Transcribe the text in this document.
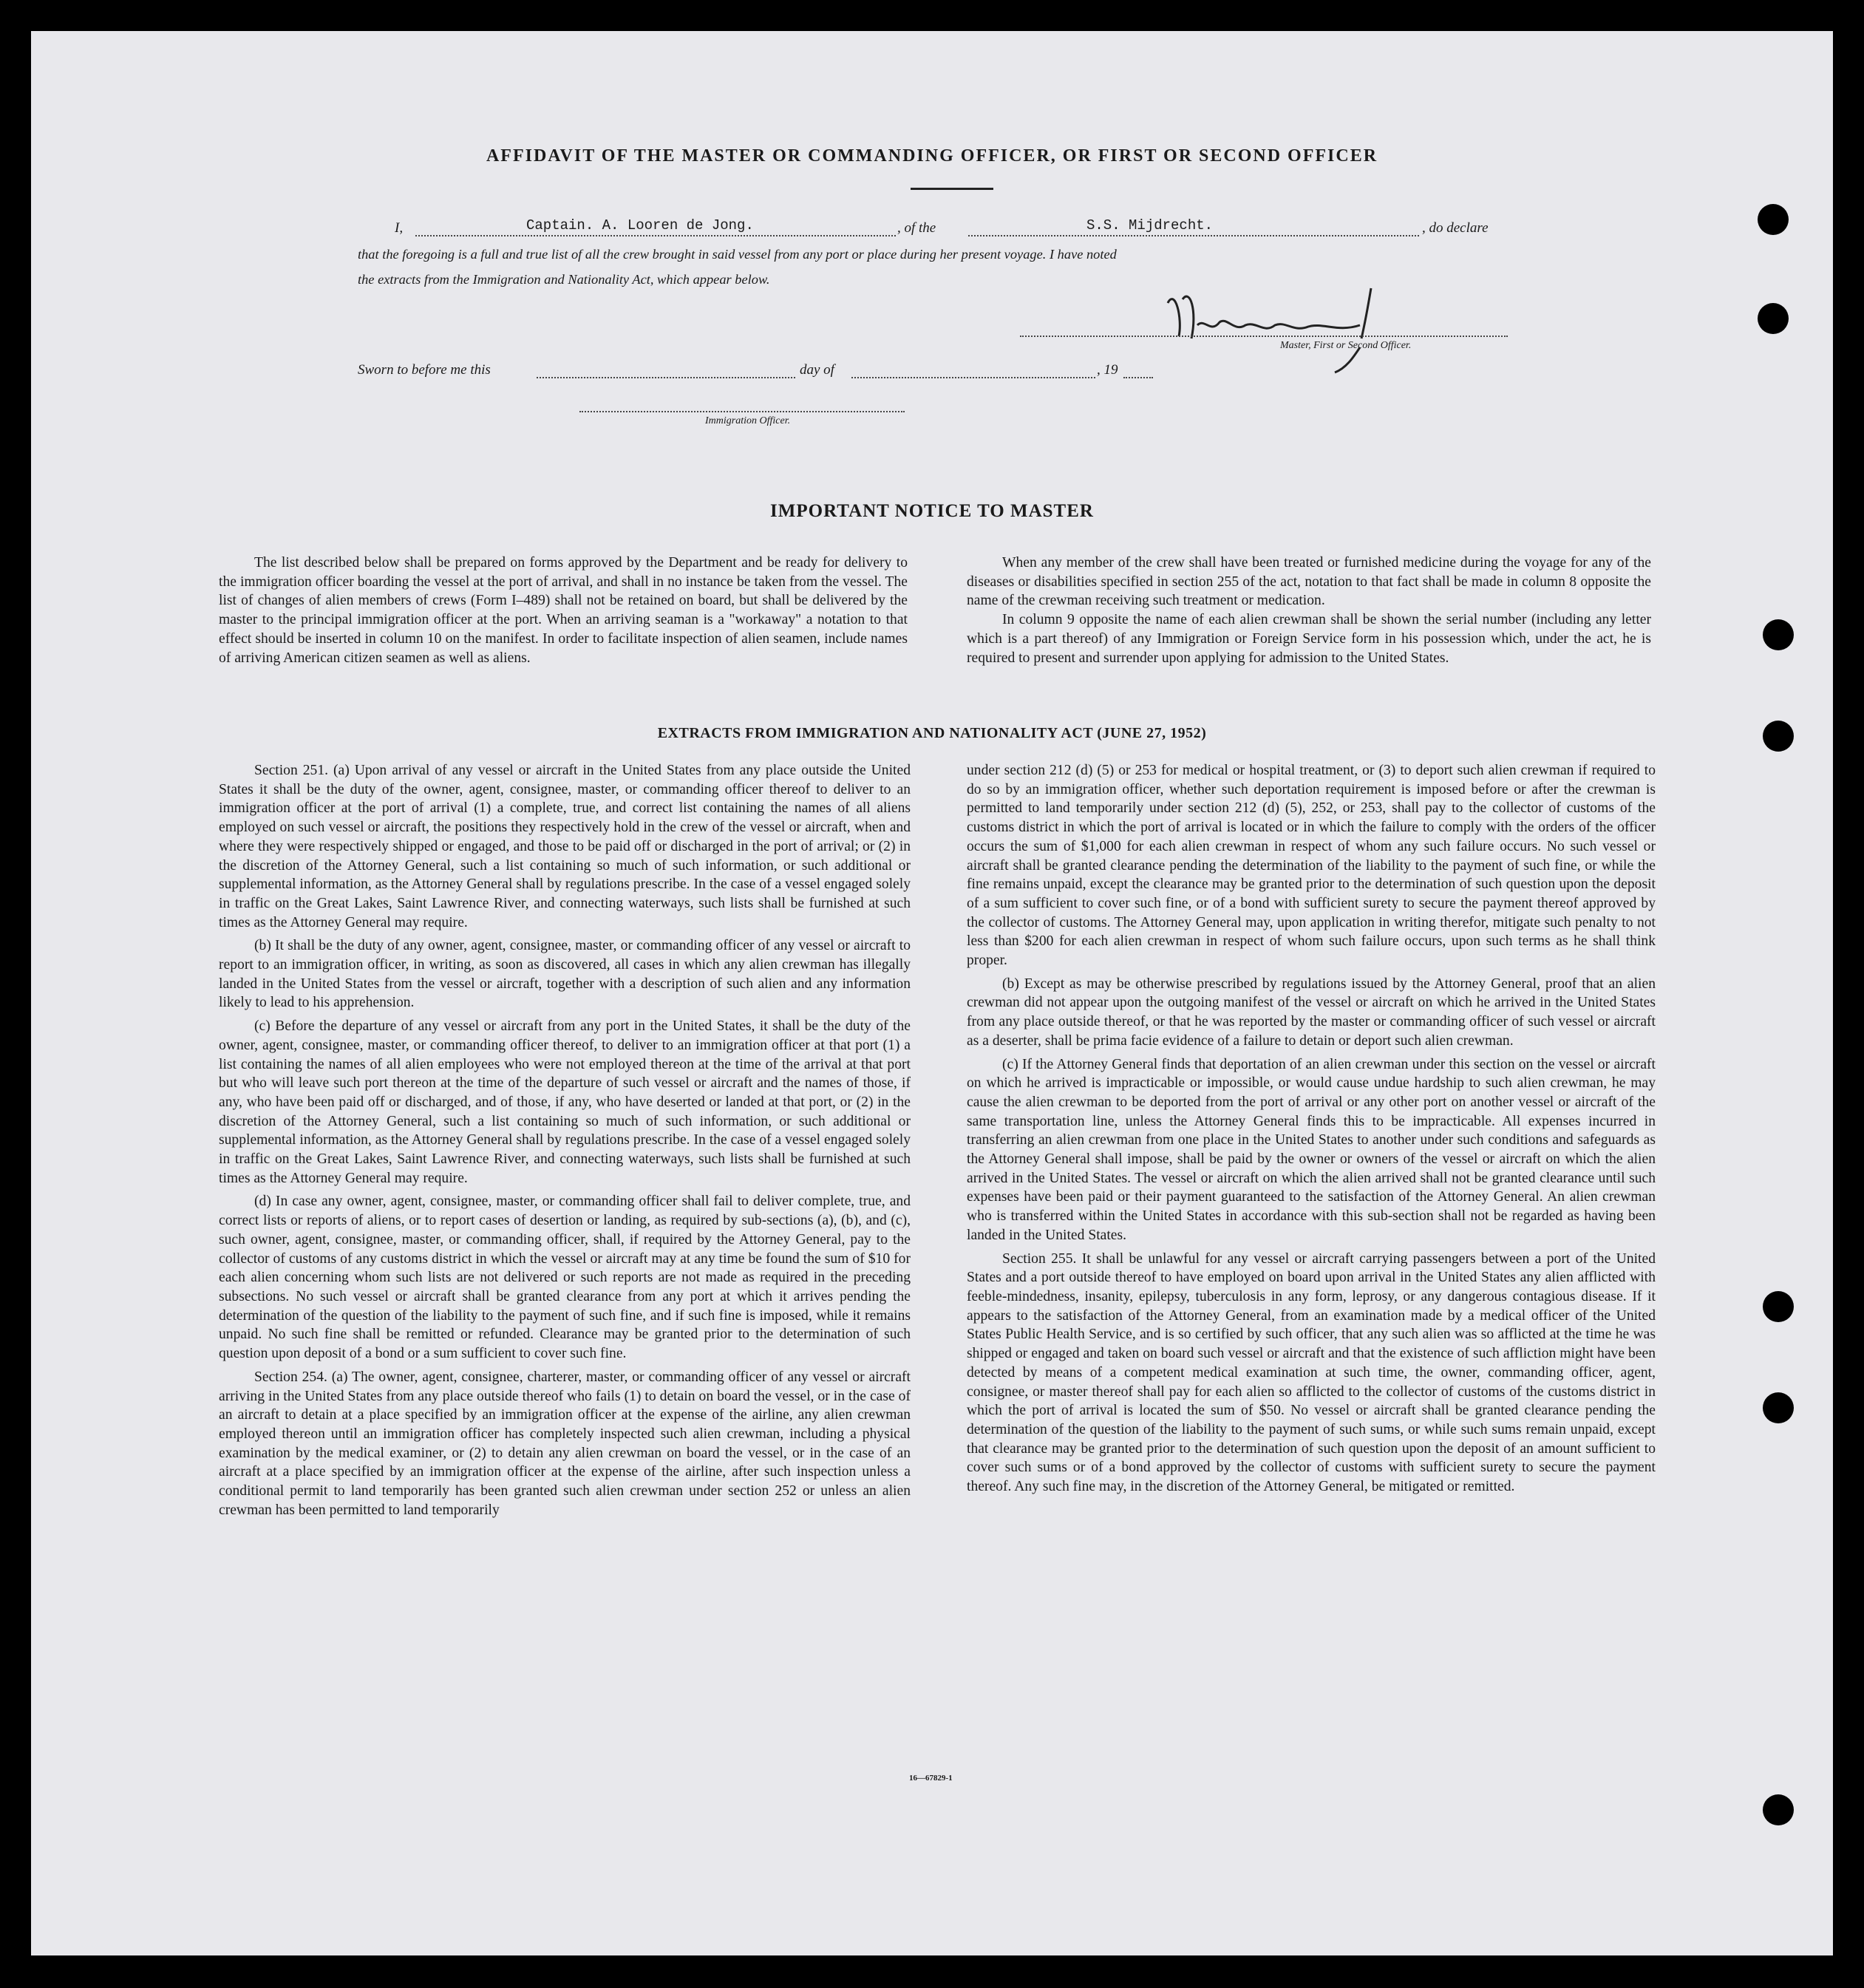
AFFIDAVIT OF THE MASTER OR COMMANDING OFFICER, OR FIRST OR SECOND OFFICER
I,	Captain. A. Looren de Jong.	, of the	S.S. Mijdrecht.	, do declare
that the foregoing is a full and true list of all the crew brought in said vessel from any port or place during her present voyage. I have noted
the extracts from the Immigration and Nationality Act, which appear below.
Master, First or Second Officer.
Sworn to before me this	day of	, 19
Immigration Officer.
IMPORTANT NOTICE TO MASTER

The list described below shall be prepared on forms approved by the Department and be ready for delivery to the immigration officer boarding the vessel at the port of arrival, and shall in no instance be taken from the vessel. The list of changes of alien members of crews (Form I–489) shall not be retained on board, but shall be delivered by the master to the principal immigration officer at the port. When an arriving seaman is a "workaway" a notation to that effect should be inserted in column 10 on the manifest. In order to facilitate inspection of alien seamen, include names of arriving American citizen seamen as well as aliens.

When any member of the crew shall have been treated or furnished medicine during the voyage for any of the diseases or disabilities specified in section 255 of the act, notation to that fact shall be made in column 8 opposite the name of the crewman receiving such treatment or medication.

In column 9 opposite the name of each alien crewman shall be shown the serial number (including any letter which is a part thereof) of any Immigration or Foreign Service form in his possession which, under the act, he is required to present and surrender upon applying for admission to the United States.

EXTRACTS FROM IMMIGRATION AND NATIONALITY ACT (JUNE 27, 1952)

Section 251. (a) Upon arrival of any vessel or aircraft in the United States from any place outside the United States it shall be the duty of the owner, agent, consignee, master, or commanding officer thereof to deliver to an immigration officer at the port of arrival (1) a complete, true, and correct list containing the names of all aliens employed on such vessel or aircraft, the positions they respectively hold in the crew of the vessel or aircraft, when and where they were respectively shipped or engaged, and those to be paid off or discharged in the port of arrival; or (2) in the discretion of the Attorney General, such a list containing so much of such information, or such additional or supplemental information, as the Attorney General shall by regulations prescribe. In the case of a vessel engaged solely in traffic on the Great Lakes, Saint Lawrence River, and connecting waterways, such lists shall be furnished at such times as the Attorney General may require.

(b) It shall be the duty of any owner, agent, consignee, master, or commanding officer of any vessel or aircraft to report to an immigration officer, in writing, as soon as discovered, all cases in which any alien crewman has illegally landed in the United States from the vessel or aircraft, together with a description of such alien and any information likely to lead to his apprehension.

(c) Before the departure of any vessel or aircraft from any port in the United States, it shall be the duty of the owner, agent, consignee, master, or commanding officer thereof, to deliver to an immigration officer at that port (1) a list containing the names of all alien employees who were not employed thereon at the time of the arrival at that port but who will leave such port thereon at the time of the departure of such vessel or aircraft and the names of those, if any, who have been paid off or discharged, and of those, if any, who have deserted or landed at that port, or (2) in the discretion of the Attorney General, such a list containing so much of such information, or such additional or supplemental information, as the Attorney General shall by regulations prescribe. In the case of a vessel engaged solely in traffic on the Great Lakes, Saint Lawrence River, and connecting waterways, such lists shall be furnished at such times as the Attorney General may require.

(d) In case any owner, agent, consignee, master, or commanding officer shall fail to deliver complete, true, and correct lists or reports of aliens, or to report cases of desertion or landing, as required by sub-sections (a), (b), and (c), such owner, agent, consignee, master, or commanding officer, shall, if required by the Attorney General, pay to the collector of customs of any customs district in which the vessel or aircraft may at any time be found the sum of $10 for each alien concerning whom such lists are not delivered or such reports are not made as required in the preceding subsections. No such vessel or aircraft shall be granted clearance from any port at which it arrives pending the determination of the question of the liability to the payment of such fine, and if such fine is imposed, while it remains unpaid. No such fine shall be remitted or refunded. Clearance may be granted prior to the determination of such question upon deposit of a bond or a sum sufficient to cover such fine.

Section 254. (a) The owner, agent, consignee, charterer, master, or commanding officer of any vessel or aircraft arriving in the United States from any place outside thereof who fails (1) to detain on board the vessel, or in the case of an aircraft to detain at a place specified by an immigration officer at the expense of the airline, any alien crewman employed thereon until an immigration officer has completely inspected such alien crewman, including a physical examination by the medical examiner, or (2) to detain any alien crewman on board the vessel, or in the case of an aircraft at a place specified by an immigration officer at the expense of the airline, after such inspection unless a conditional permit to land temporarily has been granted such alien crewman under section 252 or unless an alien crewman has been permitted to land temporarily

under section 212 (d) (5) or 253 for medical or hospital treatment, or (3) to deport such alien crewman if required to do so by an immigration officer, whether such deportation requirement is imposed before or after the crewman is permitted to land temporarily under section 212 (d) (5), 252, or 253, shall pay to the collector of customs of the customs district in which the port of arrival is located or in which the failure to comply with the orders of the officer occurs the sum of $1,000 for each alien crewman in respect of whom any such failure occurs. No such vessel or aircraft shall be granted clearance pending the determination of the liability to the payment of such fine, or while the fine remains unpaid, except the clearance may be granted prior to the determination of such question upon the deposit of a sum sufficient to cover such fine, or of a bond with sufficient surety to secure the payment thereof approved by the collector of customs. The Attorney General may, upon application in writing therefor, mitigate such penalty to not less than $200 for each alien crewman in respect of whom such failure occurs, upon such terms as he shall think proper.

(b) Except as may be otherwise prescribed by regulations issued by the Attorney General, proof that an alien crewman did not appear upon the outgoing manifest of the vessel or aircraft on which he arrived in the United States from any place outside thereof, or that he was reported by the master or commanding officer of such vessel or aircraft as a deserter, shall be prima facie evidence of a failure to detain or deport such alien crewman.

(c) If the Attorney General finds that deportation of an alien crewman under this section on the vessel or aircraft on which he arrived is impracticable or impossible, or would cause undue hardship to such alien crewman, he may cause the alien crewman to be deported from the port of arrival or any other port on another vessel or aircraft of the same transportation line, unless the Attorney General finds this to be impracticable. All expenses incurred in transferring an alien crewman from one place in the United States to another under such conditions and safeguards as the Attorney General shall impose, shall be paid by the owner or owners of the vessel or aircraft on which the alien arrived in the United States. The vessel or aircraft on which the alien arrived shall not be granted clearance until such expenses have been paid or their payment guaranteed to the satisfaction of the Attorney General. An alien crewman who is transferred within the United States in accordance with this sub-section shall not be regarded as having been landed in the United States.

Section 255. It shall be unlawful for any vessel or aircraft carrying passengers between a port of the United States and a port outside thereof to have employed on board upon arrival in the United States any alien afflicted with feeble-mindedness, insanity, epilepsy, tuberculosis in any form, leprosy, or any dangerous contagious disease. If it appears to the satisfaction of the Attorney General, from an examination made by a medical officer of the United States Public Health Service, and is so certified by such officer, that any such alien was so afflicted at the time he was shipped or engaged and taken on board such vessel or aircraft and that the existence of such affliction might have been detected by means of a competent medical examination at such time, the owner, commanding officer, agent, consignee, or master thereof shall pay for each alien so afflicted to the collector of customs of the customs district in which the port of arrival is located the sum of $50. No vessel or aircraft shall be granted clearance pending the determination of the question of the liability to the payment of such sums, or while such sums remain unpaid, except that clearance may be granted prior to the determination of such question upon the deposit of an amount sufficient to cover such sums or of a bond approved by the collector of customs with sufficient surety to secure the payment thereof. Any such fine may, in the discretion of the Attorney General, be mitigated or remitted.

16—67829-1
